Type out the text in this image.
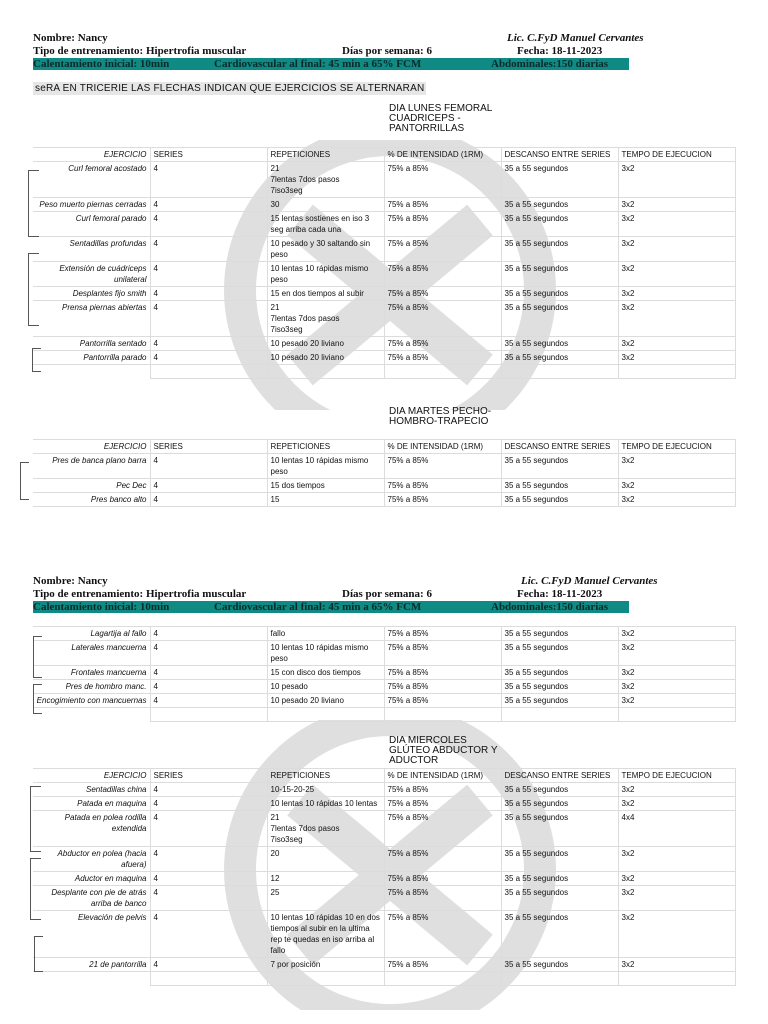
Nombre: Nancy	Lic. C.FyD Manuel Cervantes
Tipo de entrenamiento: Hipertrofia muscular	Días por semana: 6	Fecha: 18-11-2023
Calentamiento inicial: 10min	Cardiovascular al final: 45 min a 65% FCM	Abdominales:150 diarias
seRA EN TRICERIE LAS FLECHAS INDICAN QUE EJERCICIOS SE ALTERNARAN
DIA LUNES FEMORAL CUADRICEPS - PANTORRILLAS
EJERCICIO	SERIES	REPETICIONES	% DE INTENSIDAD (1RM)	DESCANSO ENTRE SERIES	TEMPO DE EJECUCION
Curl femoral acostado	4	21
7lentas 7dos pasos
7iso3seg	75% a 85%	35 a 55 segundos	3x2
Peso muerto piernas cerradas	4	30	75% a 85%	35 a 55 segundos	3x2
Curl femoral parado	4	15 lentas sostienes en iso 3 seg arriba cada una	75% a 85%	35 a 55 segundos	3x2
Sentadillas profundas	4	10 pesado y 30 saltando sin peso	75% a 85%	35 a 55 segundos	3x2
Extensión de cuádriceps unilateral	4	10 lentas 10 rápidas mismo peso	75% a 85%	35 a 55 segundos	3x2
Desplantes fijo smith	4	15 en dos tiempos al subir	75% a 85%	35 a 55 segundos	3x2
Prensa piernas abiertas	4	21
7lentas 7dos pasos
7iso3seg	75% a 85%	35 a 55 segundos	3x2
Pantorrilla sentado	4	10 pesado 20 liviano	75% a 85%	35 a 55 segundos	3x2
Pantorrilla parado	4	10 pesado 20 liviano	75% a 85%	35 a 55 segundos	3x2

DIA MARTES PECHO-HOMBRO-TRAPECIO
EJERCICIO	SERIES	REPETICIONES	% DE INTENSIDAD (1RM)	DESCANSO ENTRE SERIES	TEMPO DE EJECUCION
Pres de banca plano barra	4	10 lentas 10 rápidas mismo peso	75% a 85%	35 a 55 segundos	3x2
Pec Dec	4	15 dos tiempos	75% a 85%	35 a 55 segundos	3x2
Pres banco alto	4	15	75% a 85%	35 a 55 segundos	3x2
Nombre: Nancy	Lic. C.FyD Manuel Cervantes
Tipo de entrenamiento: Hipertrofia muscular	Días por semana: 6	Fecha: 18-11-2023
Calentamiento inicial: 10min	Cardiovascular al final: 45 min a 65% FCM	Abdominales:150 diarias
Lagartija al fallo	4	fallo	75% a 85%	35 a 55 segundos	3x2
Laterales mancuerna	4	10 lentas 10 rápidas mismo peso	75% a 85%	35 a 55 segundos	3x2
Frontales mancuerna	4	15 con disco dos tiempos	75% a 85%	35 a 55 segundos	3x2
Pres de hombro manc.	4	10 pesado	75% a 85%	35 a 55 segundos	3x2
Encogimiento con mancuernas	4	10 pesado 20 liviano	75% a 85%	35 a 55 segundos	3x2

DIA MIERCOLES GLÚTEO ABDUCTOR Y ADUCTOR
EJERCICIO	SERIES	REPETICIONES	% DE INTENSIDAD (1RM)	DESCANSO ENTRE SERIES	TEMPO DE EJECUCION
Sentadillas china	4	10-15-20-25	75% a 85%	35 a 55 segundos	3x2
Patada en maquina	4	10 lentas 10 rápidas 10 lentas	75% a 85%	35 a 55 segundos	3x2
Patada en polea rodilla extendida	4	21
7lentas 7dos pasos
7iso3seg	75% a 85%	35 a 55 segundos	4x4
Abductor en polea (hacia afuera)	4	20	75% a 85%	35 a 55 segundos	3x2
Aductor en maquina	4	12	75% a 85%	35 a 55 segundos	3x2
Desplante con pie de atrás arriba de banco	4	25	75% a 85%	35 a 55 segundos	3x2
Elevación de pelvis	4	10 lentas 10 rápidas 10 en dos tiempos al subir en la ultima rep te quedas en iso arriba al fallo	75% a 85%	35 a 55 segundos	3x2
21 de pantorrilla	4	7 por posición	75% a 85%	35 a 55 segundos	3x2
